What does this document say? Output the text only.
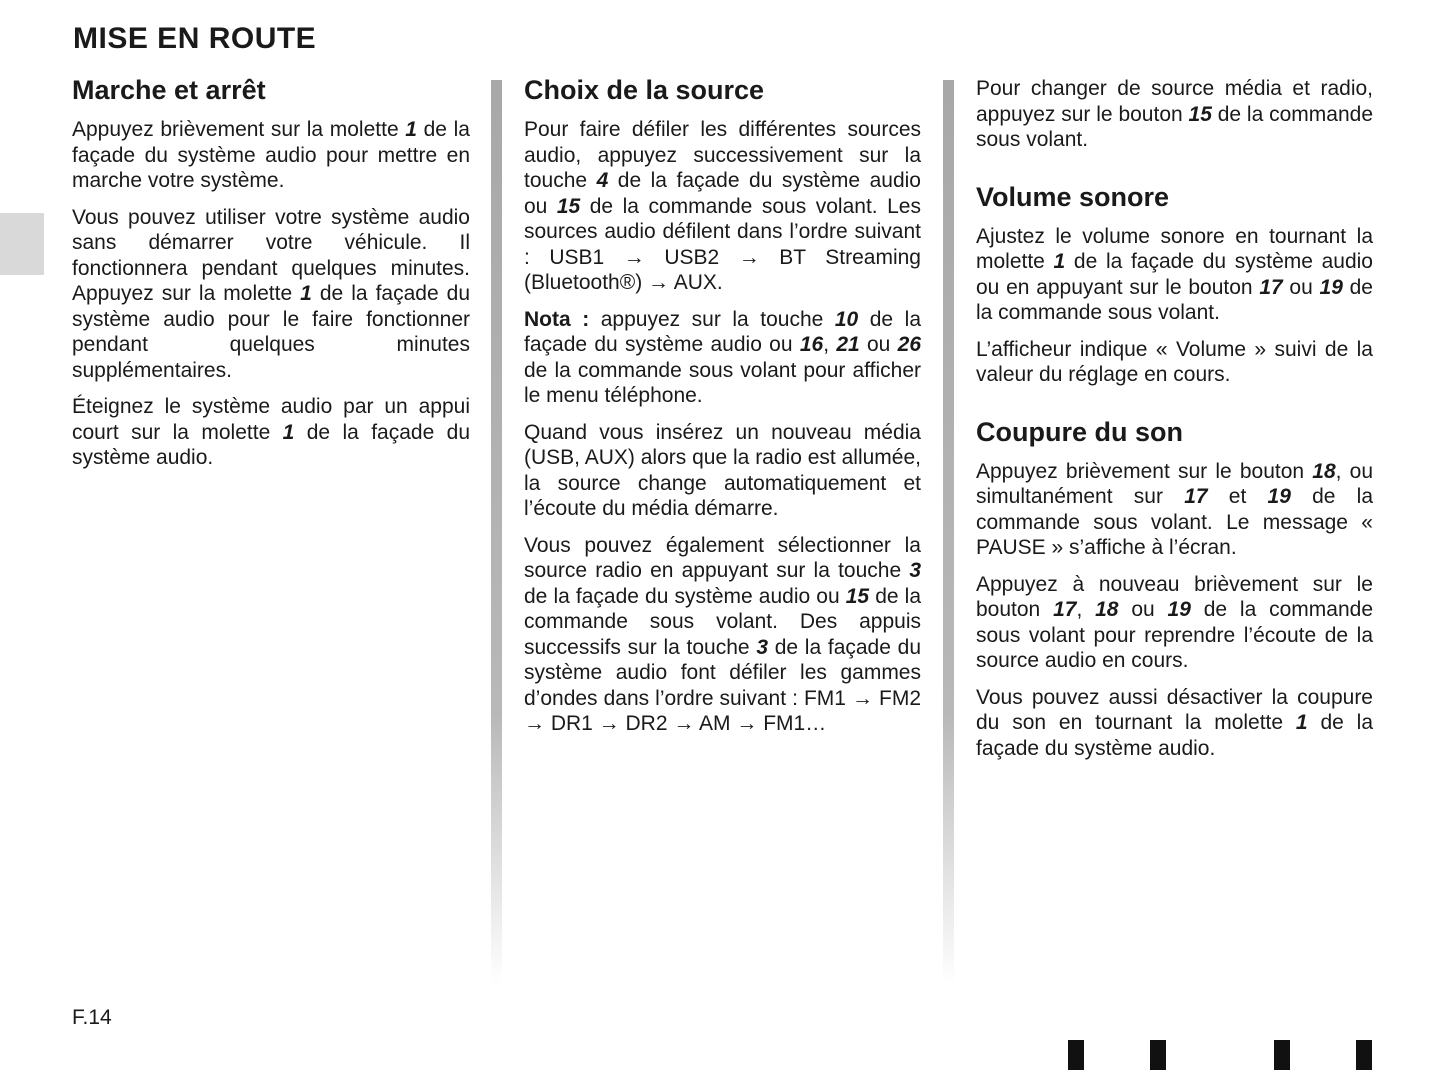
MISE EN ROUTE
Marche et arrêt

Appuyez brièvement sur la molette 1 de la façade du système audio pour mettre en marche votre système.

Vous pouvez utiliser votre système audio sans démarrer votre véhicule. Il fonctionnera pendant quelques minutes. Appuyez sur la molette 1 de la façade du système audio pour le faire fonctionner pendant quelques minutes supplémentaires.

Éteignez le système audio par un appui court sur la molette 1 de la façade du système audio.

Choix de la source

Pour faire défiler les différentes sources audio, appuyez successivement sur la touche 4 de la façade du système audio ou 15 de la commande sous volant. Les sources audio défilent dans l’ordre suivant : USB1 → USB2 → BT Streaming (Bluetooth®) → AUX.

Nota : appuyez sur la touche 10 de la façade du système audio ou 16, 21 ou 26 de la commande sous volant pour afficher le menu téléphone.

Quand vous insérez un nouveau média (USB, AUX) alors que la radio est allumée, la source change automatiquement et l’écoute du média démarre.

Vous pouvez également sélectionner la source radio en appuyant sur la touche 3 de la façade du système audio ou 15 de la commande sous volant. Des appuis successifs sur la touche 3 de la façade du système audio font défiler les gammes d’ondes dans l’ordre suivant : FM1 → FM2 → DR1 → DR2 → AM → FM1…

Pour changer de source média et radio, appuyez sur le bouton 15 de la commande sous volant.

Volume sonore

Ajustez le volume sonore en tournant la molette 1 de la façade du système audio ou en appuyant sur le bouton 17 ou 19 de la commande sous volant.

L’afficheur indique « Volume » suivi de la valeur du réglage en cours.

Coupure du son

Appuyez brièvement sur le bouton 18, ou simultanément sur 17 et 19 de la commande sous volant. Le message « PAUSE » s’affiche à l’écran.

Appuyez à nouveau brièvement sur le bouton 17, 18 ou 19 de la commande sous volant pour reprendre l’écoute de la source audio en cours.

Vous pouvez aussi désactiver la coupure du son en tournant la molette 1 de la façade du système audio.

F.14
